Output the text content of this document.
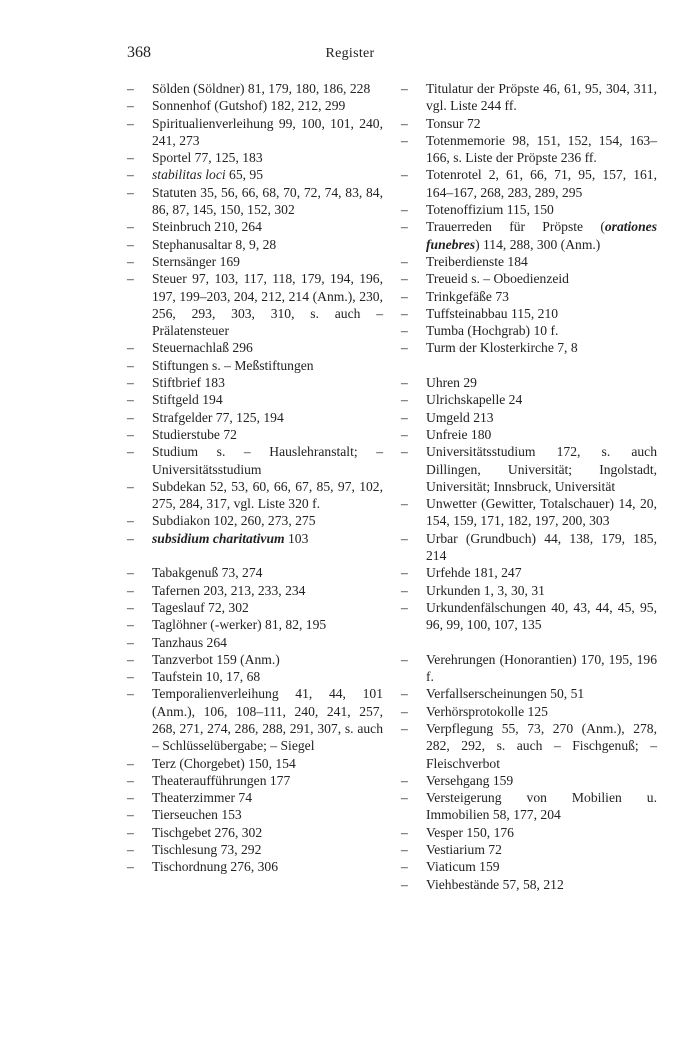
368	Register
– Sölden (Söldner) 81, 179, 180, 186, 228
– Sonnenhof (Gutshof) 182, 212, 299
– Spiritualienverleihung 99, 100, 101, 240, 241, 273
– Sportel 77, 125, 183
– stabilitas loci 65, 95
– Statuten 35, 56, 66, 68, 70, 72, 74, 83, 84, 86, 87, 145, 150, 152, 302
– Steinbruch 210, 264
– Stephanusaltar 8, 9, 28
– Sternsänger 169
– Steuer 97, 103, 117, 118, 179, 194, 196, 197, 199–203, 204, 212, 214 (Anm.), 230, 256, 293, 303, 310, s. auch – Prälatensteuer
– Steuernachlaß 296
– Stiftungen s. – Meßstiftungen
– Stiftbrief 183
– Stiftgeld 194
– Strafgelder 77, 125, 194
– Studierstube 72
– Studium s. – Hauslehranstalt; – Universitätsstudium
– Subdekan 52, 53, 60, 66, 67, 85, 97, 102, 275, 284, 317, vgl. Liste 320 f.
– Subdiakon 102, 260, 273, 275
– subsidium charitativum 103
– Tabakgenuß 73, 274
– Tafernen 203, 213, 233, 234
– Tageslauf 72, 302
– Taglöhner (-werker) 81, 82, 195
– Tanzhaus 264
– Tanzverbot 159 (Anm.)
– Taufstein 10, 17, 68
– Temporalienverleihung 41, 44, 101 (Anm.), 106, 108–111, 240, 241, 257, 268, 271, 274, 286, 288, 291, 307, s. auch – Schlüsselübergabe; – Siegel
– Terz (Chorgebet) 150, 154
– Theateraufführungen 177
– Theaterzimmer 74
– Tierseuchen 153
– Tischgebet 276, 302
– Tischlesung 73, 292
– Tischordnung 276, 306
– Titulatur der Pröpste 46, 61, 95, 304, 311, vgl. Liste 244 ff.
– Tonsur 72
– Totenmemorie 98, 151, 152, 154, 163–166, s. Liste der Pröpste 236 ff.
– Totenrotel 2, 61, 66, 71, 95, 157, 161, 164–167, 268, 283, 289, 295
– Totenoffizium 115, 150
– Trauerreden für Pröpste (orationes funebres) 114, 288, 300 (Anm.)
– Treiberdienste 184
– Treueid s. – Oboedienzeid
– Trinkgefäße 73
– Tuffsteinabbau 115, 210
– Tumba (Hochgrab) 10 f.
– Turm der Klosterkirche 7, 8
– Uhren 29
– Ulrichskapelle 24
– Umgeld 213
– Unfreie 180
– Universitätsstudium 172, s. auch Dillingen, Universität; Ingolstadt, Universität; Innsbruck, Universität
– Unwetter (Gewitter, Totalschauer) 14, 20, 154, 159, 171, 182, 197, 200, 303
– Urbar (Grundbuch) 44, 138, 179, 185, 214
– Urfehde 181, 247
– Urkunden 1, 3, 30, 31
– Urkundenfälschungen 40, 43, 44, 45, 95, 96, 99, 100, 107, 135
– Verehrungen (Honorantien) 170, 195, 196 f.
– Verfallserscheinungen 50, 51
– Verhörsprotokolle 125
– Verpflegung 55, 73, 270 (Anm.), 278, 282, 292, s. auch – Fischgenuß; – Fleischverbot
– Versehgang 159
– Versteigerung von Mobilien u. Immobilien 58, 177, 204
– Vesper 150, 176
– Vestiarium 72
– Viaticum 159
– Viehbestände 57, 58, 212
